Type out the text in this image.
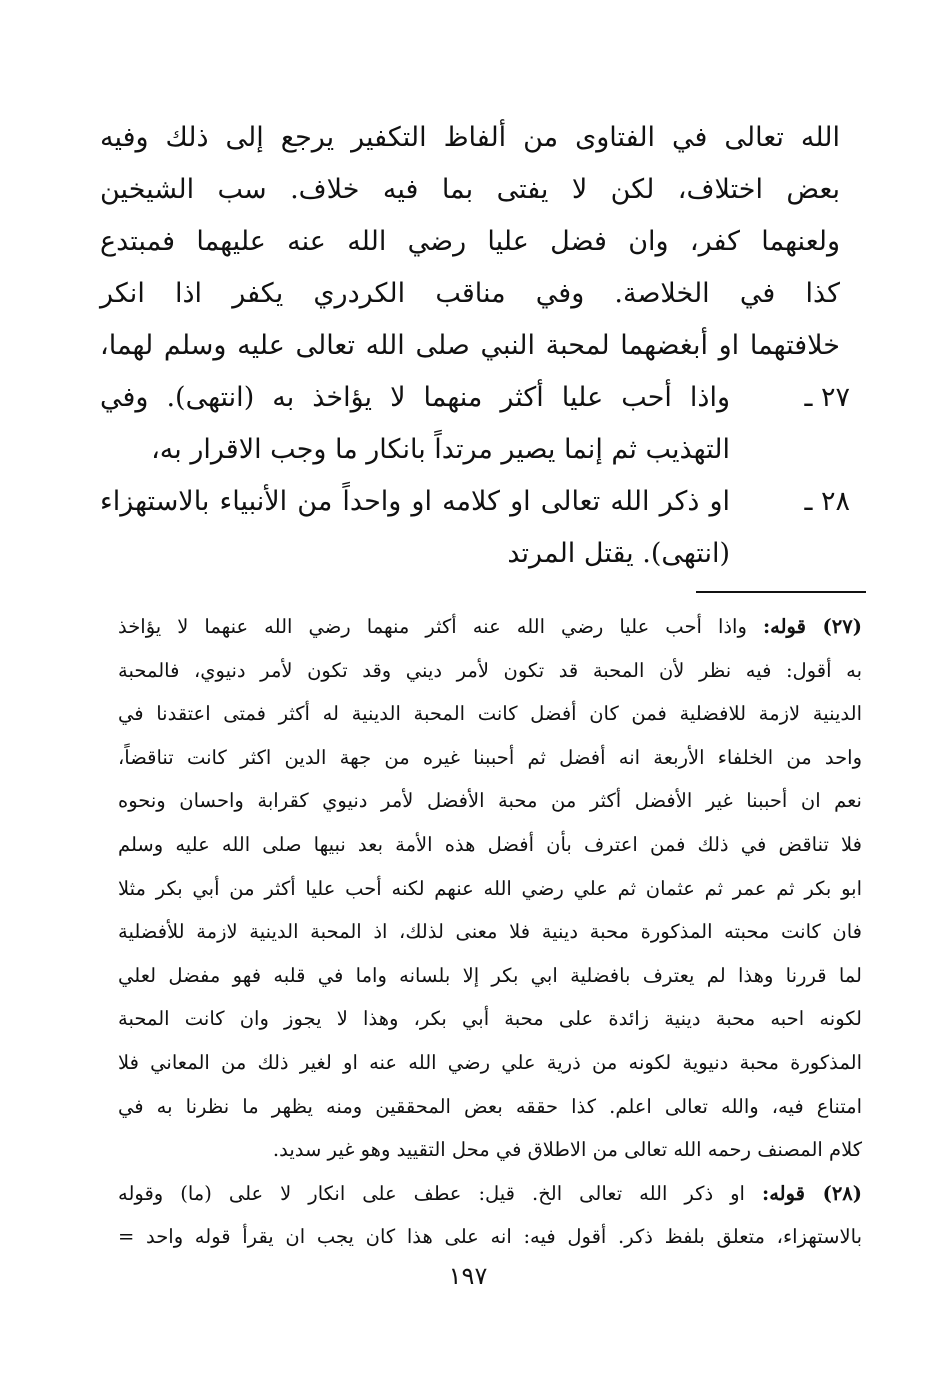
الله تعالى في الفتاوى من ألفاظ التكفير يرجع إلى ذلك وفيه
بعض اختلاف، لكن لا يفتى بما فيه خلاف. سب الشيخين
ولعنهما كفر، وان فضل عليا رضي الله عنه عليهما فمبتدع
كذا في الخلاصة. وفي مناقب الكردري يكفر اذا انكر
خلافتهما او أبغضهما لمحبة النبي صلى الله تعالى عليه وسلم لهما،
٢٧ ـ
واذا أحب عليا أكثر منهما لا يؤاخذ به (انتهى). وفي
التهذيب ثم إنما يصير مرتداً بانكار ما وجب الاقرار به،
٢٨ ـ
او ذكر الله تعالى او كلامه او واحداً من الأنبياء بالاستهزاء
(انتهى). يقتل المرتد
(٢٧) قوله: واذا أحب عليا رضي الله عنه أكثر منهما رضي الله عنهما لا يؤاخذ
به أقول: فيه نظر لأن المحبة قد تكون لأمر ديني وقد تكون لأمر دنيوي، فالمحبة
الدينية لازمة للافضلية فمن كان أفضل كانت المحبة الدينية له أكثر فمتى اعتقدنا في
واحد من الخلفاء الأربعة انه أفضل ثم أحببنا غيره من جهة الدين اكثر كانت تناقضاً،
نعم ان أحببنا غير الأفضل أكثر من محبة الأفضل لأمر دنيوي كقرابة واحسان ونحوه
فلا تناقض في ذلك فمن اعترف بأن أفضل هذه الأمة بعد نبيها صلى الله عليه وسلم
ابو بكر ثم عمر ثم عثمان ثم علي رضي الله عنهم لكنه أحب عليا أكثر من أبي بكر مثلا
فان كانت محبته المذكورة محبة دينية فلا معنى لذلك، اذ المحبة الدينية لازمة للأفضلية
لما قررنا وهذا لم يعترف بافضلية ابي بكر إلا بلسانه واما في قلبه فهو مفضل لعلي
لكونه احبه محبة دينية زائدة على محبة أبي بكر، وهذا لا يجوز وان كانت المحبة
المذكورة محبة دنيوية لكونه من ذرية علي رضي الله عنه او لغير ذلك من المعاني فلا
امتناع فيه، والله تعالى اعلم. كذا حققه بعض المحققين ومنه يظهر ما نظرنا به في
كلام المصنف رحمه الله تعالى من الاطلاق في محل التقييد وهو غير سديد.
(٢٨) قوله: او ذكر الله تعالى الخ. قيل: عطف على انكار لا على (ما) وقوله
بالاستهزاء، متعلق بلفظ ذكر. أقول فيه: انه على هذا كان يجب ان يقرأ قوله واحد =
١٩٧
